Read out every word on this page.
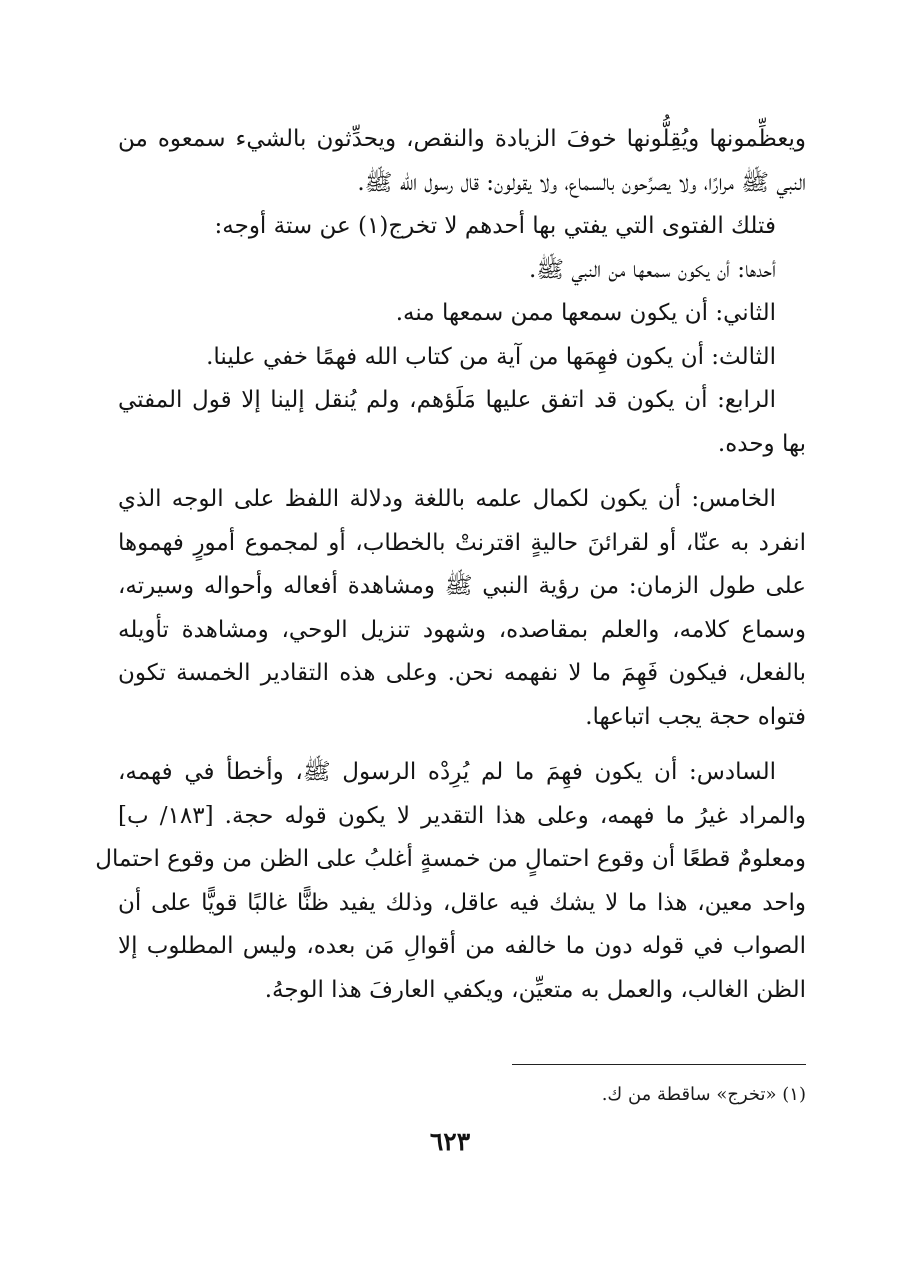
ويعظِّمونها ويُقِلُّونها خوفَ الزيادة والنقص، ويحدِّثون بالشيء سمعوه من
النبي ﷺ مرارًا، ولا يصرِّحون بالسماع، ولا يقولون: قال رسول الله ﷺ.
فتلك الفتوى التي يفتي بها أحدهم لا تخرج(١) عن ستة أوجه:
أحدها: أن يكون سمعها من النبي ﷺ.
الثاني: أن يكون سمعها ممن سمعها منه.
الثالث: أن يكون فهِمَها من آية من كتاب الله فهمًا خفي علينا.
الرابع: أن يكون قد اتفق عليها مَلَؤهم، ولم يُنقل إلينا إلا قول المفتي
بها وحده.
الخامس: أن يكون لكمال علمه باللغة ودلالة اللفظ على الوجه الذي
انفرد به عنّا، أو لقرائنَ حاليةٍ اقترنتْ بالخطاب، أو لمجموع أمورٍ فهموها
على طول الزمان: من رؤية النبي ﷺ ومشاهدة أفعاله وأحواله وسيرته،
وسماع كلامه، والعلم بمقاصده، وشهود تنزيل الوحي، ومشاهدة تأويله
بالفعل، فيكون فَهِمَ ما لا نفهمه نحن. وعلى هذه التقادير الخمسة تكون
فتواه حجة يجب اتباعها.
السادس: أن يكون فهِمَ ما لم يُرِدْه الرسول ﷺ، وأخطأ في فهمه،
والمراد غيرُ ما فهمه، وعلى هذا التقدير لا يكون قوله حجة. [١٨٣/ ب]
ومعلومٌ قطعًا أن وقوع احتمالٍ من خمسةٍ أغلبُ على الظن من وقوع احتمال
واحد معين، هذا ما لا يشك فيه عاقل، وذلك يفيد ظنًّا غالبًا قويًّا على أن
الصواب في قوله دون ما خالفه من أقوالِ مَن بعده، وليس المطلوب إلا
الظن الغالب، والعمل به متعيِّن، ويكفي العارفَ هذا الوجهُ.
(١) «تخرج» ساقطة من ك.
٦٢٣
